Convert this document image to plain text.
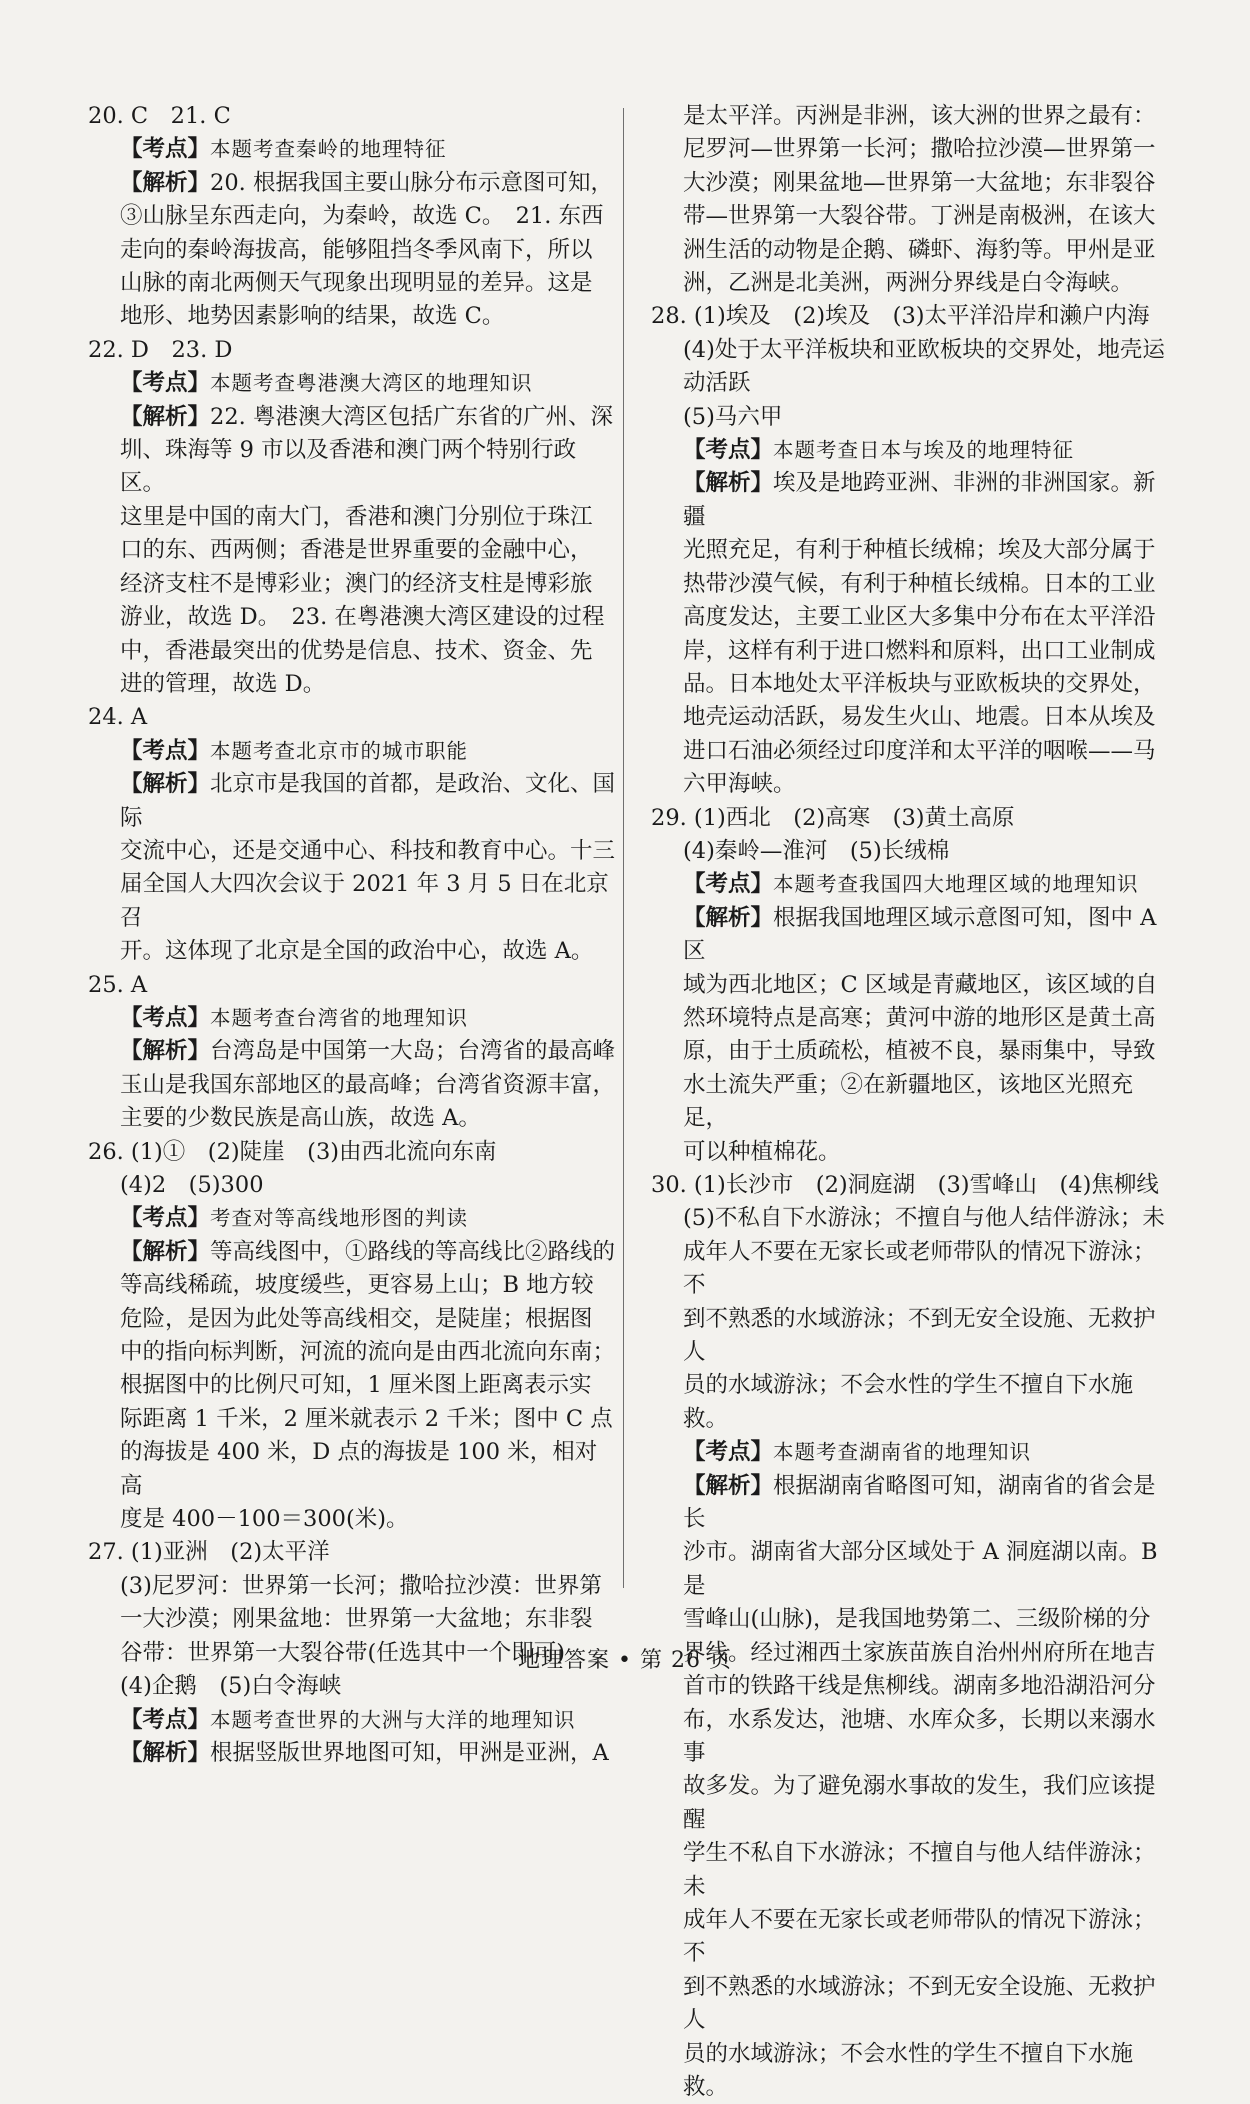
20. C　21. C

【考点】本题考查秦岭的地理特征

【解析】20. 根据我国主要山脉分布示意图可知，

③山脉呈东西走向，为秦岭，故选 C。　21. 东西

走向的秦岭海拔高，能够阻挡冬季风南下，所以

山脉的南北两侧天气现象出现明显的差异。这是

地形、地势因素影响的结果，故选 C。

22. D　23. D

【考点】本题考查粤港澳大湾区的地理知识

【解析】22. 粤港澳大湾区包括广东省的广州、深

圳、珠海等 9 市以及香港和澳门两个特别行政区。

这里是中国的南大门，香港和澳门分别位于珠江

口的东、西两侧；香港是世界重要的金融中心，

经济支柱不是博彩业；澳门的经济支柱是博彩旅

游业，故选 D。　23. 在粤港澳大湾区建设的过程

中，香港最突出的优势是信息、技术、资金、先

进的管理，故选 D。

24. A

【考点】本题考查北京市的城市职能

【解析】北京市是我国的首都，是政治、文化、国际

交流中心，还是交通中心、科技和教育中心。十三

届全国人大四次会议于 2021 年 3 月 5 日在北京召

开。这体现了北京是全国的政治中心，故选 A。

25. A

【考点】本题考查台湾省的地理知识

【解析】台湾岛是中国第一大岛；台湾省的最高峰

玉山是我国东部地区的最高峰；台湾省资源丰富，

主要的少数民族是高山族，故选 A。

26. (1)①　(2)陡崖　(3)由西北流向东南

(4)2　(5)300

【考点】考查对等高线地形图的判读

【解析】等高线图中，①路线的等高线比②路线的

等高线稀疏，坡度缓些，更容易上山；B 地方较

危险，是因为此处等高线相交，是陡崖；根据图

中的指向标判断，河流的流向是由西北流向东南；

根据图中的比例尺可知，1 厘米图上距离表示实

际距离 1 千米，2 厘米就表示 2 千米；图中 C 点

的海拔是 400 米，D 点的海拔是 100 米，相对高

度是 400－100＝300(米)。

27. (1)亚洲　(2)太平洋

(3)尼罗河：世界第一长河；撒哈拉沙漠：世界第

一大沙漠；刚果盆地：世界第一大盆地；东非裂

谷带：世界第一大裂谷带(任选其中一个即可)

(4)企鹅　(5)白令海峡

【考点】本题考查世界的大洲与大洋的地理知识

【解析】根据竖版世界地图可知，甲洲是亚洲，A

是太平洋。丙洲是非洲，该大洲的世界之最有：

尼罗河—世界第一长河；撒哈拉沙漠—世界第一

大沙漠；刚果盆地—世界第一大盆地；东非裂谷

带—世界第一大裂谷带。丁洲是南极洲，在该大

洲生活的动物是企鹅、磷虾、海豹等。甲州是亚

洲，乙洲是北美洲，两洲分界线是白令海峡。

28. (1)埃及　(2)埃及　(3)太平洋沿岸和濑户内海

(4)处于太平洋板块和亚欧板块的交界处，地壳运

动活跃

(5)马六甲

【考点】本题考查日本与埃及的地理特征

【解析】埃及是地跨亚洲、非洲的非洲国家。新疆

光照充足，有利于种植长绒棉；埃及大部分属于

热带沙漠气候，有利于种植长绒棉。日本的工业

高度发达，主要工业区大多集中分布在太平洋沿

岸，这样有利于进口燃料和原料，出口工业制成

品。日本地处太平洋板块与亚欧板块的交界处，

地壳运动活跃，易发生火山、地震。日本从埃及

进口石油必须经过印度洋和太平洋的咽喉——马

六甲海峡。

29. (1)西北　(2)高寒　(3)黄土高原

(4)秦岭—淮河　(5)长绒棉

【考点】本题考查我国四大地理区域的地理知识

【解析】根据我国地理区域示意图可知，图中 A 区

域为西北地区；C 区域是青藏地区，该区域的自

然环境特点是高寒；黄河中游的地形区是黄土高

原，由于土质疏松，植被不良，暴雨集中，导致

水土流失严重；②在新疆地区，该地区光照充足，

可以种植棉花。

30. (1)长沙市　(2)洞庭湖　(3)雪峰山　(4)焦柳线

(5)不私自下水游泳；不擅自与他人结伴游泳；未

成年人不要在无家长或老师带队的情况下游泳；不

到不熟悉的水域游泳；不到无安全设施、无救护人

员的水域游泳；不会水性的学生不擅自下水施救。

【考点】本题考查湖南省的地理知识

【解析】根据湖南省略图可知，湖南省的省会是长

沙市。湖南省大部分区域处于 A 洞庭湖以南。B 是

雪峰山(山脉)，是我国地势第二、三级阶梯的分

界线。经过湘西土家族苗族自治州州府所在地吉

首市的铁路干线是焦柳线。湖南多地沿湖沿河分

布，水系发达，池塘、水库众多，长期以来溺水事

故多发。为了避免溺水事故的发生，我们应该提醒

学生不私自下水游泳；不擅自与他人结伴游泳；未

成年人不要在无家长或老师带队的情况下游泳；不

到不熟悉的水域游泳；不到无安全设施、无救护人

员的水域游泳；不会水性的学生不擅自下水施救。

地理答案 • 第 26 页
